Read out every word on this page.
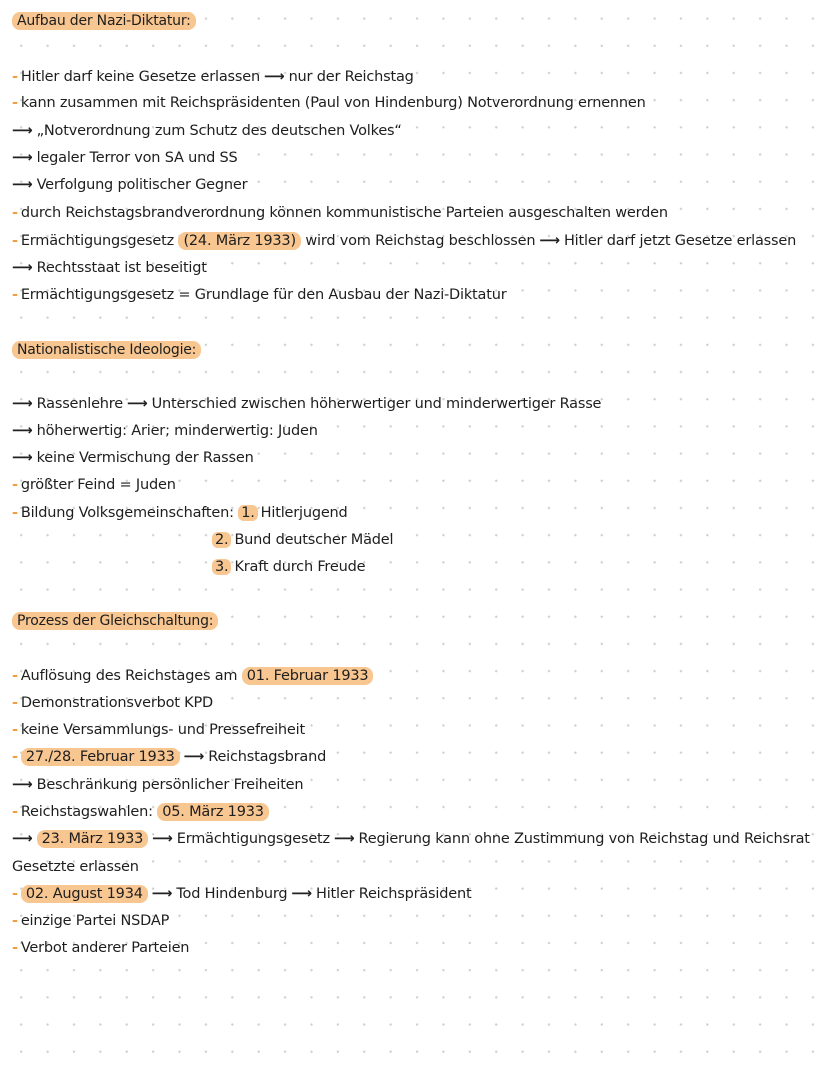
Aufbau der Nazi-Diktatur:
- Hitler darf keine Gesetze erlassen ⟶ nur der Reichstag
- kann zusammen mit Reichspräsidenten (Paul von Hindenburg) Notverordnung ernennen
⟶ „Notverordnung zum Schutz des deutschen Volkes“
⟶ legaler Terror von SA und SS
⟶ Verfolgung politischer Gegner
- durch Reichstagsbrandverordnung können kommunistische Parteien ausgeschalten werden
- Ermächtigungsgesetz (24. März 1933) wird vom Reichstag beschlossen ⟶ Hitler darf jetzt Gesetze erlassen
⟶ Rechtsstaat ist beseitigt
- Ermächtigungsgesetz = Grundlage für den Ausbau der Nazi-Diktatur
Nationalistische Ideologie:
⟶ Rassenlehre ⟶ Unterschied zwischen höherwertiger und minderwertiger Rasse
⟶ höherwertig: Arier; minderwertig: Juden
⟶ keine Vermischung der Rassen
- größter Feind = Juden
- Bildung Volksgemeinschaften: 1. Hitlerjugend
2. Bund deutscher Mädel
3. Kraft durch Freude
Prozess der Gleichschaltung:
- Auflösung des Reichstages am 01. Februar 1933
- Demonstrationsverbot KPD
- keine Versammlungs- und Pressefreiheit
- 27./28. Februar 1933 ⟶ Reichstagsbrand
⟶ Beschränkung persönlicher Freiheiten
- Reichstagswahlen: 05. März 1933
⟶ 23. März 1933 ⟶ Ermächtigungsgesetz ⟶ Regierung kann ohne Zustimmung von Reichstag und Reichsrat
Gesetzte erlassen
- 02. August 1934 ⟶ Tod Hindenburg ⟶ Hitler Reichspräsident
- einzige Partei NSDAP
- Verbot anderer Parteien
